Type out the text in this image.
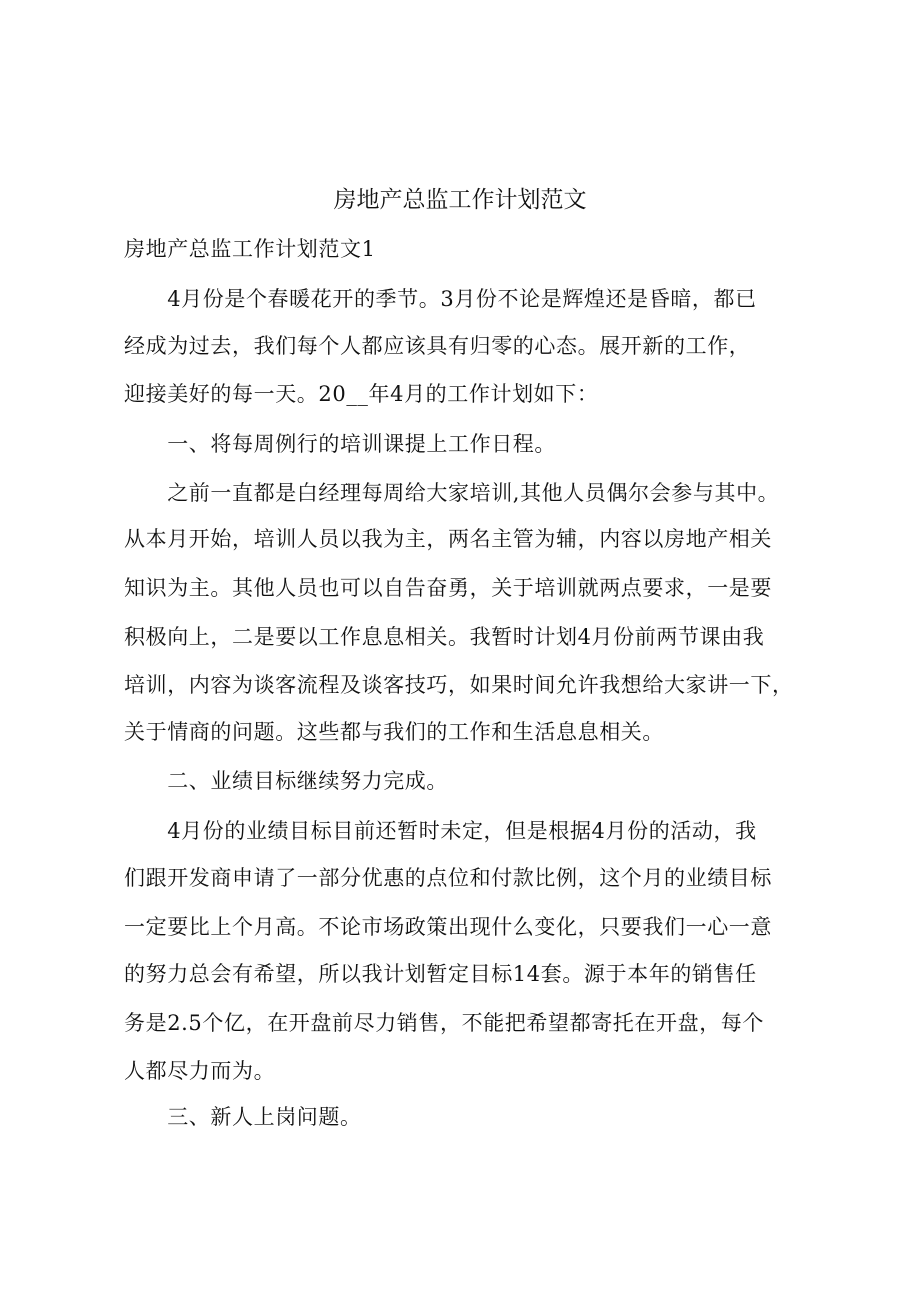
房地产总监工作计划范文
房地产总监工作计划范文1
　　4月份是个春暖花开的季节。3月份不论是辉煌还是昏暗，都已
经成为过去，我们每个人都应该具有归零的心态。展开新的工作，
迎接美好的每一天。20__年4月的工作计划如下：
　　一、将每周例行的培训课提上工作日程。
　　之前一直都是白经理每周给大家培训,其他人员偶尔会参与其中。
从本月开始，培训人员以我为主，两名主管为辅，内容以房地产相关
知识为主。其他人员也可以自告奋勇，关于培训就两点要求，一是要
积极向上，二是要以工作息息相关。我暂时计划4月份前两节课由我
培训，内容为谈客流程及谈客技巧，如果时间允许我想给大家讲一下，
关于情商的问题。这些都与我们的工作和生活息息相关。
　　二、业绩目标继续努力完成。
　　4月份的业绩目标目前还暂时未定，但是根据4月份的活动，我
们跟开发商申请了一部分优惠的点位和付款比例，这个月的业绩目标
一定要比上个月高。不论市场政策出现什么变化，只要我们一心一意
的努力总会有希望，所以我计划暂定目标14套。源于本年的销售任
务是2.5个亿，在开盘前尽力销售，不能把希望都寄托在开盘，每个
人都尽力而为。
　　三、新人上岗问题。
